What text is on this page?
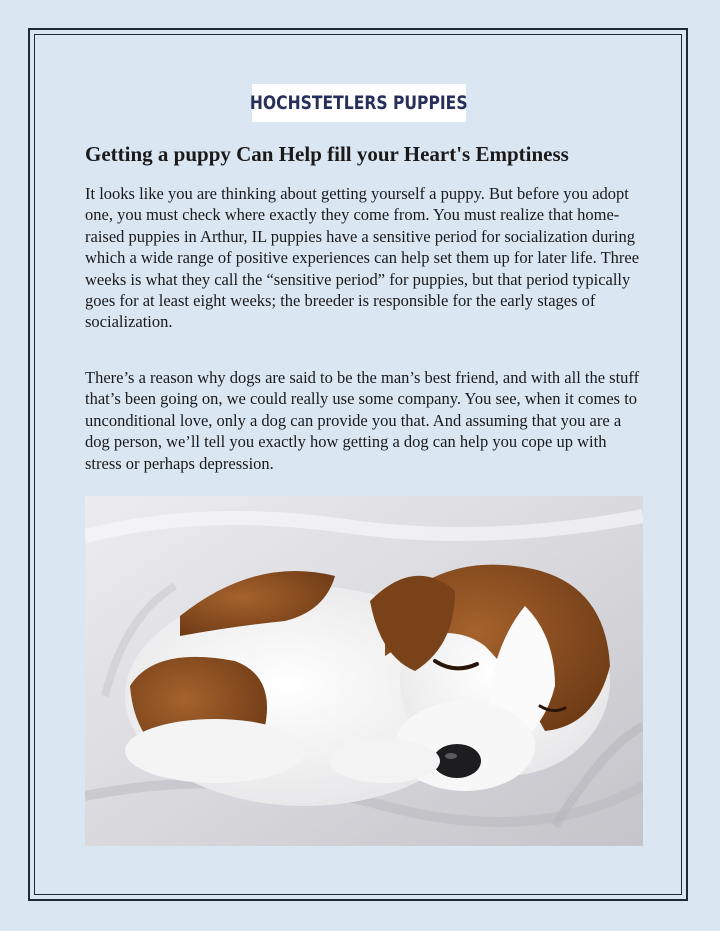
HOCHSTETLERS PUPPIES
Getting a puppy Can Help fill your Heart's Emptiness

It looks like you are thinking about getting yourself a puppy. But before you adopt one, you must check where exactly they come from. You must realize that home-raised puppies in Arthur, IL puppies have a sensitive period for socialization during which a wide range of positive experiences can help set them up for later life. Three weeks is what they call the “sensitive period” for puppies, but that period typically goes for at least eight weeks; the breeder is responsible for the early stages of socialization.

There’s a reason why dogs are said to be the man’s best friend, and with all the stuff that’s been going on, we could really use some company. You see, when it comes to unconditional love, only a dog can provide you that. And assuming that you are a dog person, we’ll tell you exactly how getting a dog can help you cope up with stress or perhaps depression.
